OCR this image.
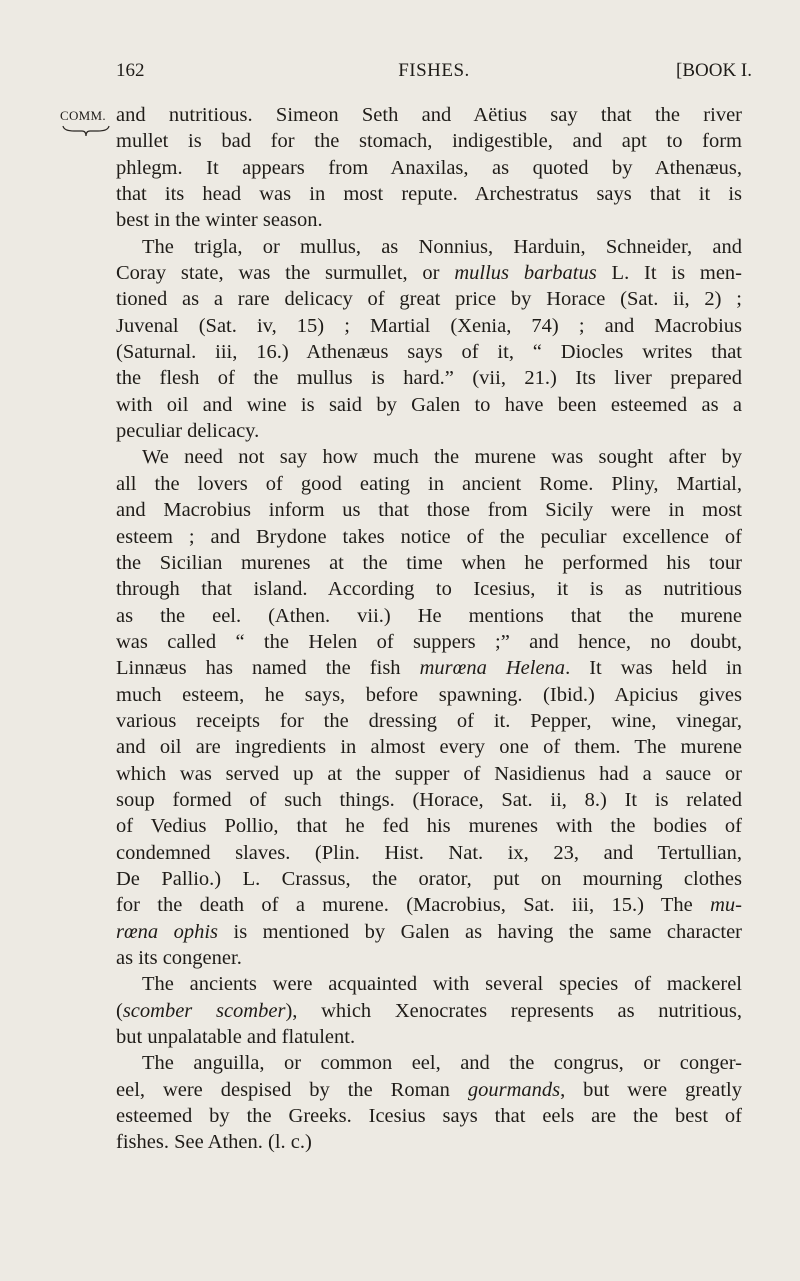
162	FISHES.	[BOOK I.
COMM. and nutritious. Simeon Seth and Aëtius say that the river
mullet is bad for the stomach, indigestible, and apt to form
phlegm. It appears from Anaxilas, as quoted by Athenæus,
that its head was in most repute. Archestratus says that it is
best in the winter season.
The trigla, or mullus, as Nonnius, Harduin, Schneider, and
Coray state, was the surmullet, or mullus barbatus L. It is men-
tioned as a rare delicacy of great price by Horace (Sat. ii, 2) ;
Juvenal (Sat. iv, 15) ; Martial (Xenia, 74) ; and Macrobius
(Saturnal. iii, 16.) Athenæus says of it, “ Diocles writes that
the flesh of the mullus is hard.” (vii, 21.) Its liver prepared
with oil and wine is said by Galen to have been esteemed as a
peculiar delicacy.
We need not say how much the murene was sought after by
all the lovers of good eating in ancient Rome. Pliny, Martial,
and Macrobius inform us that those from Sicily were in most
esteem ; and Brydone takes notice of the peculiar excellence of
the Sicilian murenes at the time when he performed his tour
through that island. According to Icesius, it is as nutritious
as the eel. (Athen. vii.) He mentions that the murene
was called “ the Helen of suppers ;” and hence, no doubt,
Linnæus has named the fish murœna Helena. It was held in
much esteem, he says, before spawning. (Ibid.) Apicius gives
various receipts for the dressing of it. Pepper, wine, vinegar,
and oil are ingredients in almost every one of them. The murene
which was served up at the supper of Nasidienus had a sauce or
soup formed of such things. (Horace, Sat. ii, 8.) It is related
of Vedius Pollio, that he fed his murenes with the bodies of
condemned slaves. (Plin. Hist. Nat. ix, 23, and Tertullian,
De Pallio.) L. Crassus, the orator, put on mourning clothes
for the death of a murene. (Macrobius, Sat. iii, 15.) The mu-
rœna ophis is mentioned by Galen as having the same character
as its congener.
The ancients were acquainted with several species of mackerel
(scomber scomber), which Xenocrates represents as nutritious,
but unpalatable and flatulent.
The anguilla, or common eel, and the congrus, or conger-
eel, were despised by the Roman gourmands, but were greatly
esteemed by the Greeks. Icesius says that eels are the best of
fishes. See Athen. (l. c.)
